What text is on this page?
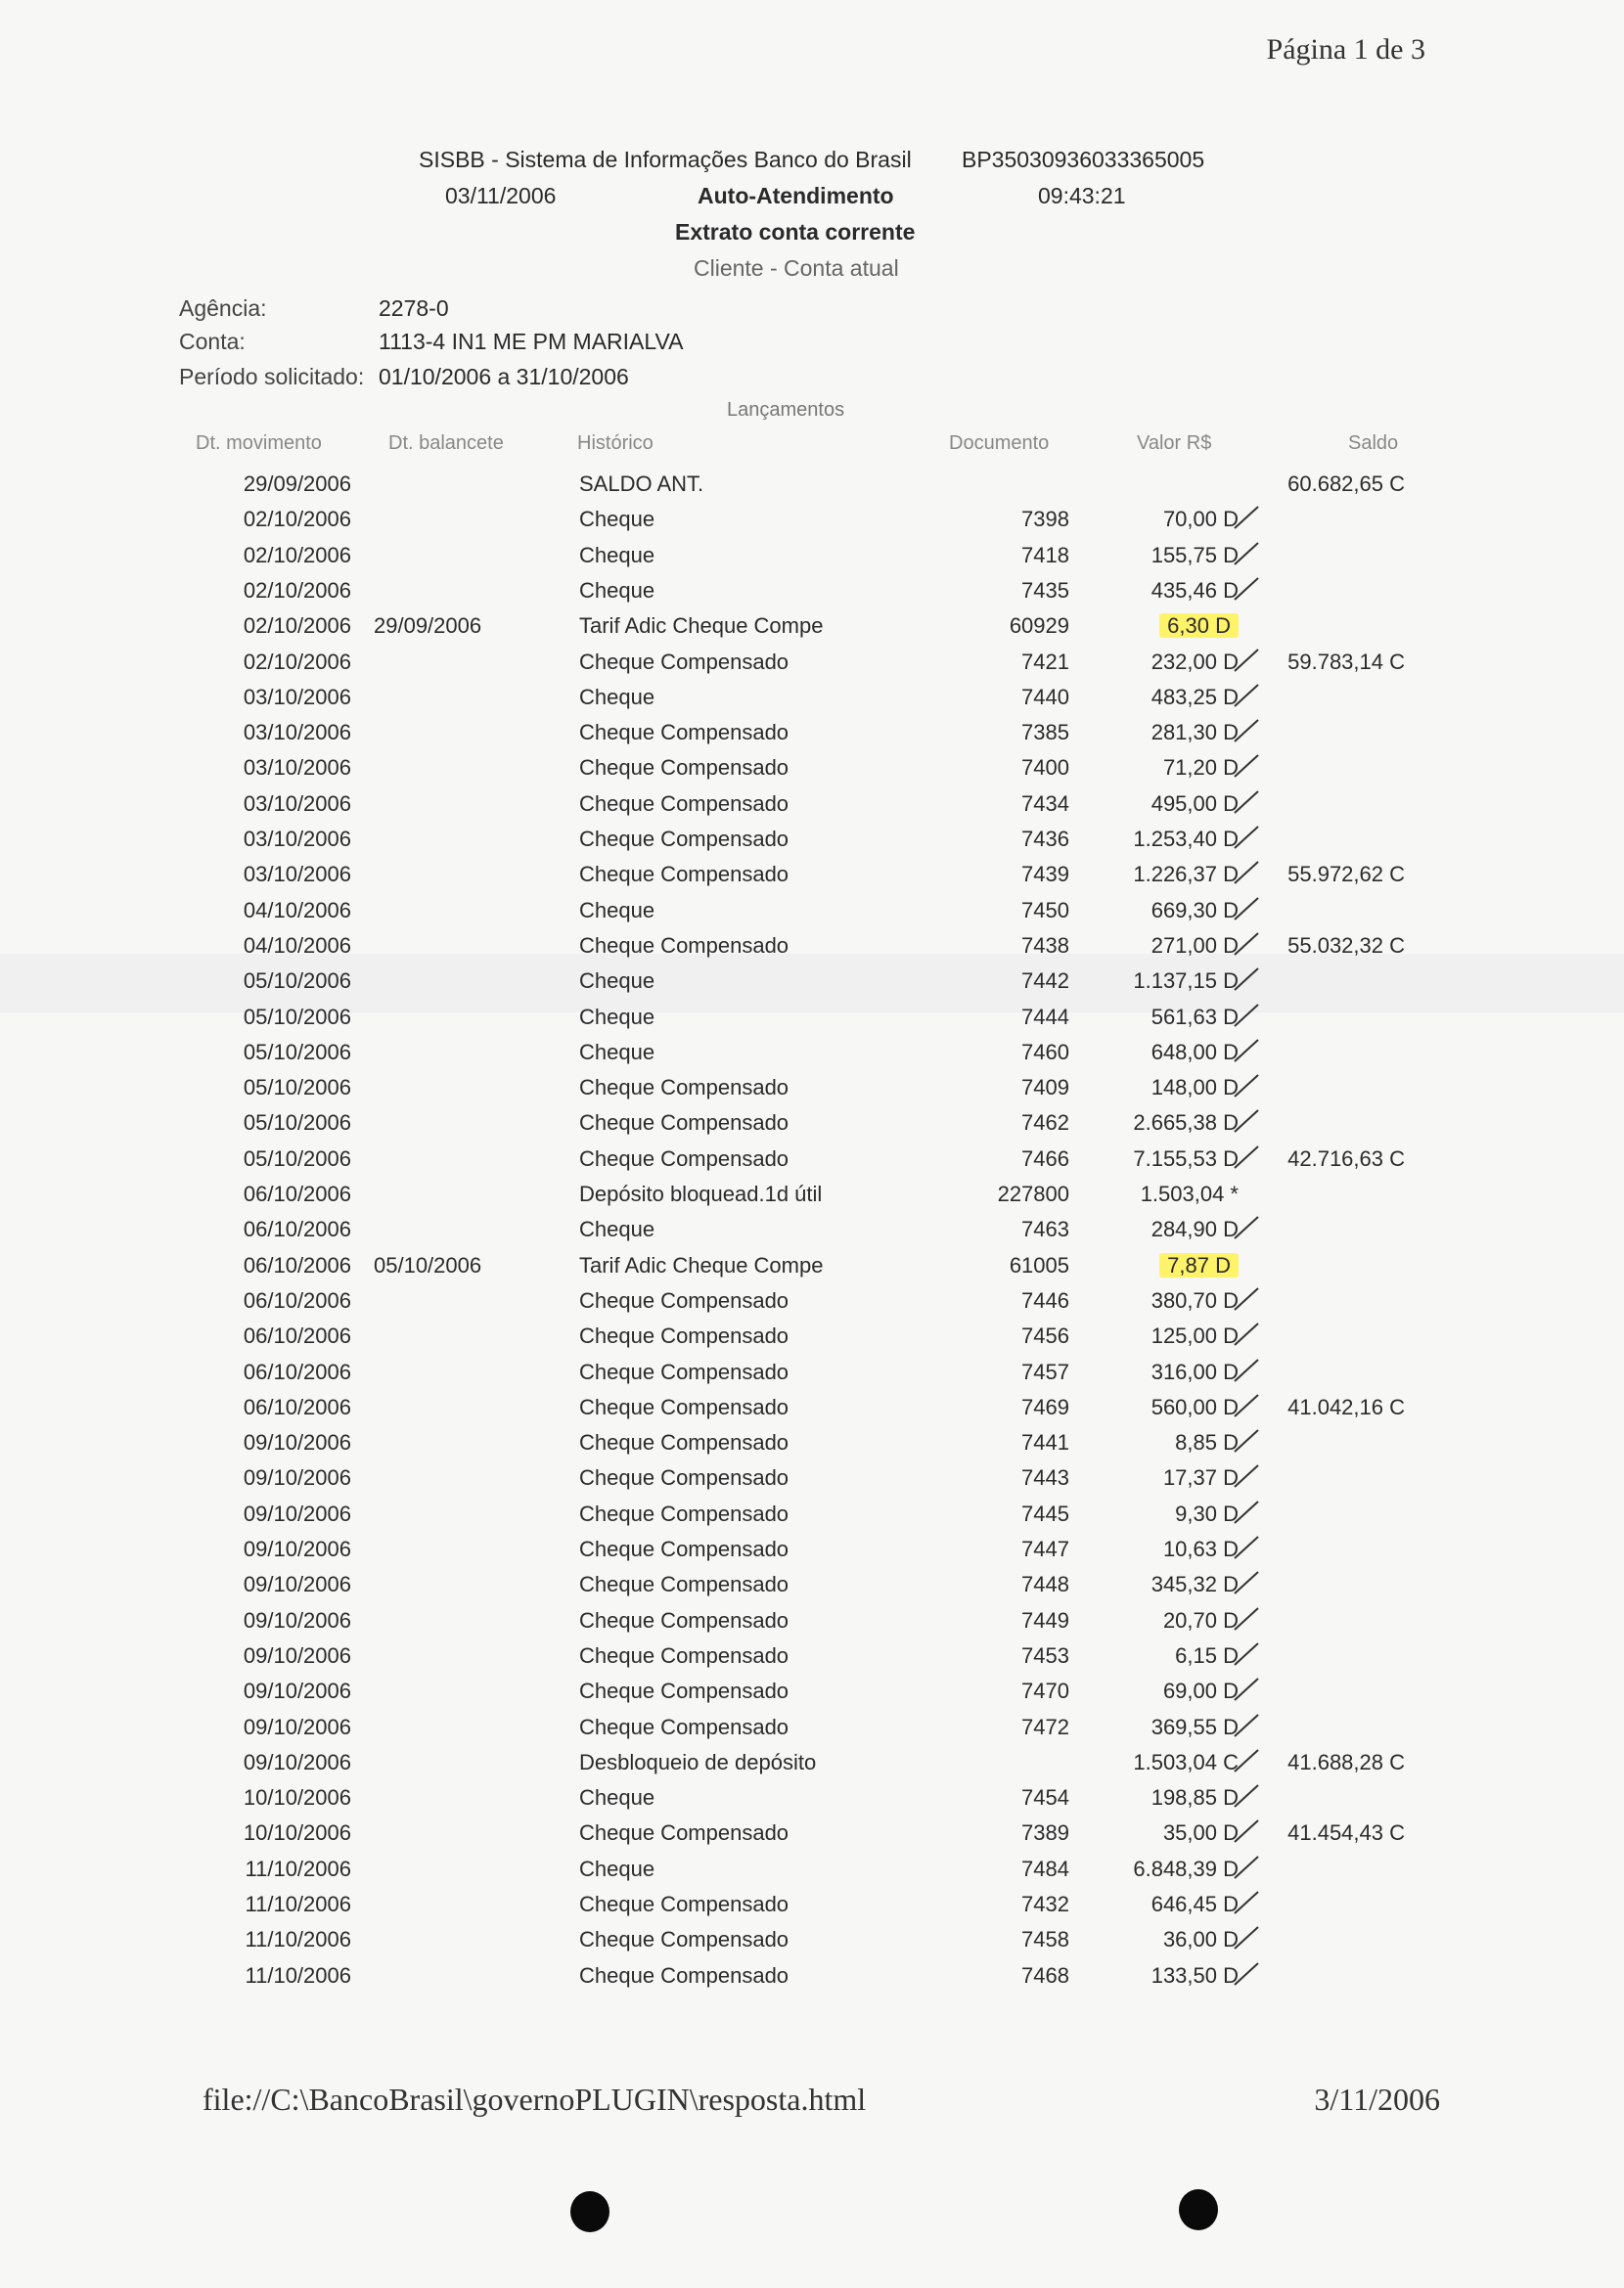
Página 1 de 3
SISBB - Sistema de Informações Banco do Brasil BP35030936033365005
03/11/2006	Auto-Atendimento	09:43:21
Extrato conta corrente
Cliente - Conta atual
Agência:	2278-0
Conta:	1113-4 IN1 ME PM MARIALVA
Período solicitado: 01/10/2006 a 31/10/2006
Lançamentos
Dt. movimento	Dt. balancete	Histórico	Documento	Valor R$	Saldo
29/09/2006	SALDO ANT.	60.682,65 C
02/10/2006	Cheque	7398	70,00 D
02/10/2006	Cheque	7418	155,75 D
02/10/2006	Cheque	7435	435,46 D
02/10/2006 29/09/2006	Tarif Adic Cheque Compe	60929	6,30 D
02/10/2006	Cheque Compensado	7421	232,00 D	59.783,14 C
03/10/2006	Cheque	7440	483,25 D
03/10/2006	Cheque Compensado	7385	281,30 D
03/10/2006	Cheque Compensado	7400	71,20 D
03/10/2006	Cheque Compensado	7434	495,00 D
03/10/2006	Cheque Compensado	7436	1.253,40 D
03/10/2006	Cheque Compensado	7439	1.226,37 D	55.972,62 C
04/10/2006	Cheque	7450	669,30 D
04/10/2006	Cheque Compensado	7438	271,00 D	55.032,32 C
05/10/2006	Cheque	7442	1.137,15 D
05/10/2006	Cheque	7444	561,63 D
05/10/2006	Cheque	7460	648,00 D
05/10/2006	Cheque Compensado	7409	148,00 D
05/10/2006	Cheque Compensado	7462	2.665,38 D
05/10/2006	Cheque Compensado	7466	7.155,53 D	42.716,63 C
06/10/2006	Depósito bloquead.1d útil	227800	1.503,04 *
06/10/2006	Cheque	7463	284,90 D
06/10/2006 05/10/2006	Tarif Adic Cheque Compe	61005	7,87 D
06/10/2006	Cheque Compensado	7446	380,70 D
06/10/2006	Cheque Compensado	7456	125,00 D
06/10/2006	Cheque Compensado	7457	316,00 D
06/10/2006	Cheque Compensado	7469	560,00 D	41.042,16 C
09/10/2006	Cheque Compensado	7441	8,85 D
09/10/2006	Cheque Compensado	7443	17,37 D
09/10/2006	Cheque Compensado	7445	9,30 D
09/10/2006	Cheque Compensado	7447	10,63 D
09/10/2006	Cheque Compensado	7448	345,32 D
09/10/2006	Cheque Compensado	7449	20,70 D
09/10/2006	Cheque Compensado	7453	6,15 D
09/10/2006	Cheque Compensado	7470	69,00 D
09/10/2006	Cheque Compensado	7472	369,55 D
09/10/2006	Desbloqueio de depósito	1.503,04 C	41.688,28 C
10/10/2006	Cheque	7454	198,85 D
10/10/2006	Cheque Compensado	7389	35,00 D	41.454,43 C
11/10/2006	Cheque	7484	6.848,39 D
11/10/2006	Cheque Compensado	7432	646,45 D
11/10/2006	Cheque Compensado	7458	36,00 D
11/10/2006	Cheque Compensado	7468	133,50 D
file://C:\BancoBrasil\governoPLUGIN\resposta.html	3/11/2006
